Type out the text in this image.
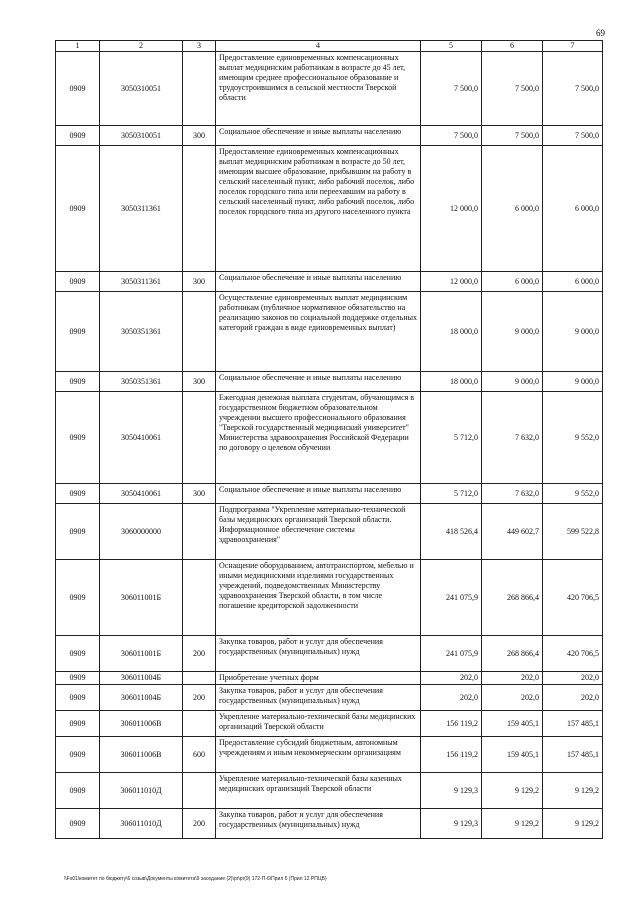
69
1	2	3	4	5	6	7
0909	3050310051		Предоставление единовременных компенсационных выплат медицинским работникам в возрасте до 45 лет, имеющим среднее профессиональное образование и трудоустроившимся в сельской местности Тверской области	7 500,0	7 500,0	7 500,0
0909	3050310051	300	Социальное обеспечение и иные выплаты населению	7 500,0	7 500,0	7 500,0
0909	3050311361		Предоставление единовременных компенсационных выплат медицинским работникам в возрасте до 50 лет, имеющим высшее образование, прибывшим на работу в сельский населенный пункт, либо рабочий поселок, либо поселок городского типа или переехавшим на работу в сельский населенный пункт, либо рабочий поселок, либо поселок городского типа из другого населенного пункта	12 000,0	6 000,0	6 000,0
0909	3050311361	300	Социальное обеспечение и иные выплаты населению	12 000,0	6 000,0	6 000,0
0909	3050351361		Осуществление единовременных выплат медицинским работникам (публичное нормативное обязательство на реализацию законов по социальной поддержке отдельных категорий граждан в виде единовременных выплат)	18 000,0	9 000,0	9 000,0
0909	3050351361	300	Социальное обеспечение и иные выплаты населению	18 000,0	9 000,0	9 000,0
0909	3050410061		Ежегодная денежная выплата студентам, обучающимся в государственном бюджетном образовательном учреждении высшего профессионального образования "Тверской государственный медицинский университет" Министерства здравоохранения Российской Федерации по договору о целевом обучении	5 712,0	7 632,0	9 552,0
0909	3050410061	300	Социальное обеспечение и иные выплаты населению	5 712,0	7 632,0	9 552,0
0909	3060000000		Подпрограмма "Укрепление материально-технической базы медицинских организаций Тверской области. Информационное обеспечение системы здравоохранения"	418 526,4	449 602,7	599 522,8
0909	306011001Б		Оснащение оборудованием, автотранспортом, мебелью и иными медицинскими изделиями государственных учреждений, подведомственных Министерству здравоохранения Тверской области, в том числе погашение кредиторской задолженности	241 075,9	268 866,4	420 706,5
0909	306011001Б	200	Закупка товаров, работ и услуг для обеспечения государственных (муниципальных) нужд	241 075,9	268 866,4	420 706,5
0909	306011004Б		Приобретение учетных форм	202,0	202,0	202,0
0909	306011004Б	200	Закупка товаров, работ и услуг для обеспечения государственных (муниципальных) нужд	202,0	202,0	202,0
0909	306011006В		Укрепление материально-технической базы медицинских организаций Тверской области	156 119,2	159 405,1	157 485,1
0909	306011006В	600	Предоставление субсидий бюджетным, автономным учреждениям и иным некоммерческим организациям	156 119,2	159 405,1	157 485,1
0909	306011010Д		Укрепление материально-технической базы казенных медицинских организаций Тверской области	9 129,3	9 129,2	9 129,2
0909	306011010Д	200	Закупка товаров, работ и услуг для обеспечения государственных (муниципальных) нужд	9 129,3	9 129,2	9 129,2
\\Fs01\комитет по бюджету\6 созыв\Документы комитета\9 заседание (2)\pr\pr(9) 172-П-6\Прил 5 (Прил 12 РПЦВ)
